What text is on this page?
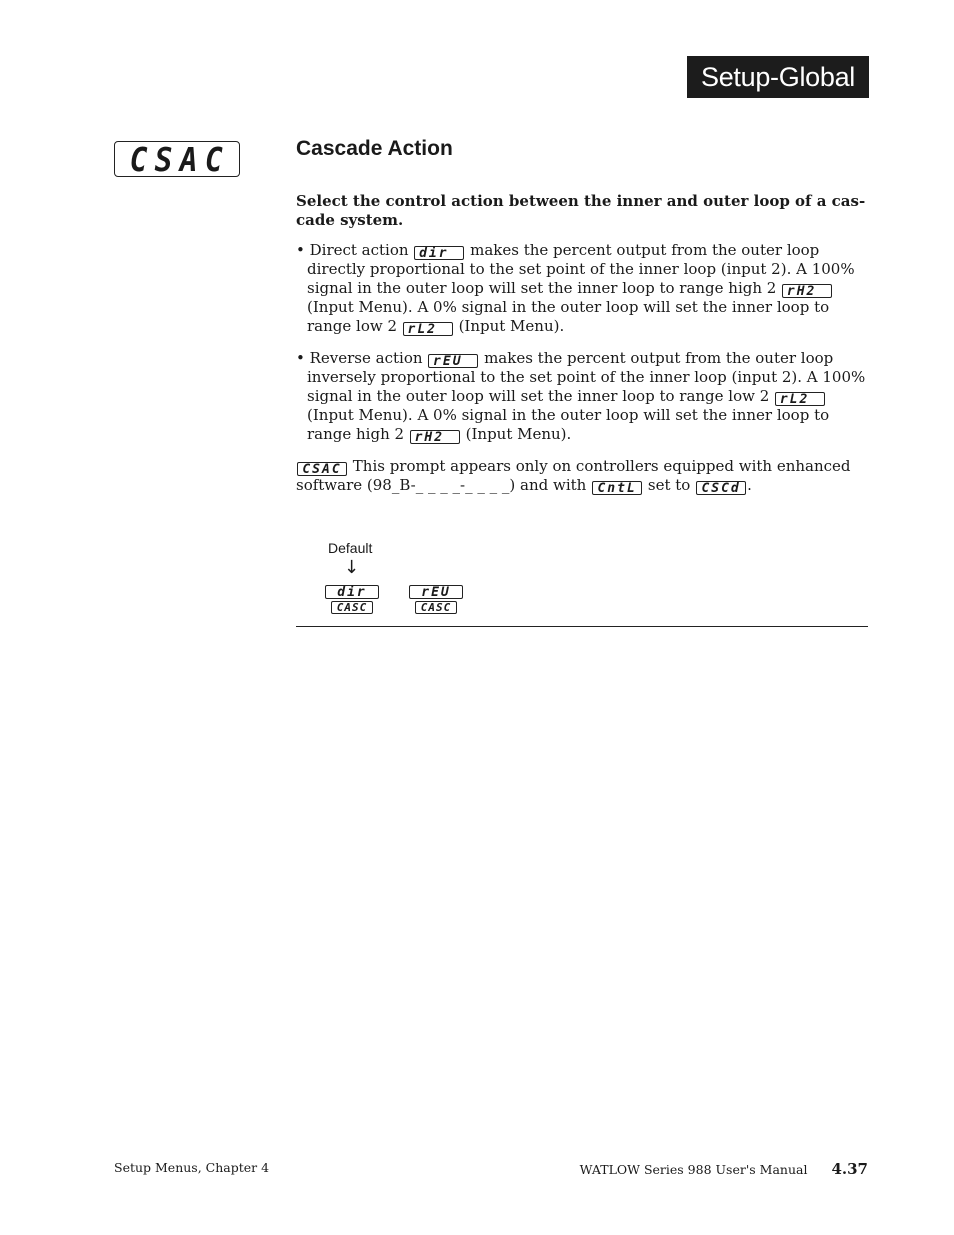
Setup-Global
CSAC	Cascade Action

Select the control action between the inner and outer loop of a cas-cade system.

• Direct action dir makes the percent output from the outer loop directly proportional to the set point of the inner loop (input 2). A 100% signal in the outer loop will set the inner loop to range high 2 rH2 (Input Menu). A 0% signal in the outer loop will set the inner loop to range low 2 rL2 (Input Menu).

• Reverse action rEU makes the percent output from the outer loop inversely proportional to the set point of the inner loop (input 2). A 100% signal in the outer loop will set the inner loop to range low 2 rL2 (Input Menu). A 0% signal in the outer loop will set the inner loop to range high 2 rH2 (Input Menu).

CSAC This prompt appears only on controllers equipped with enhanced software (98_B-_ _ _ _-_ _ _ _) and with CntL set to CSCd .

Default
↓
dir
CASC
rEU
CASC
Setup Menus, Chapter 4	WATLOW Series 988 User's Manual 4.37
